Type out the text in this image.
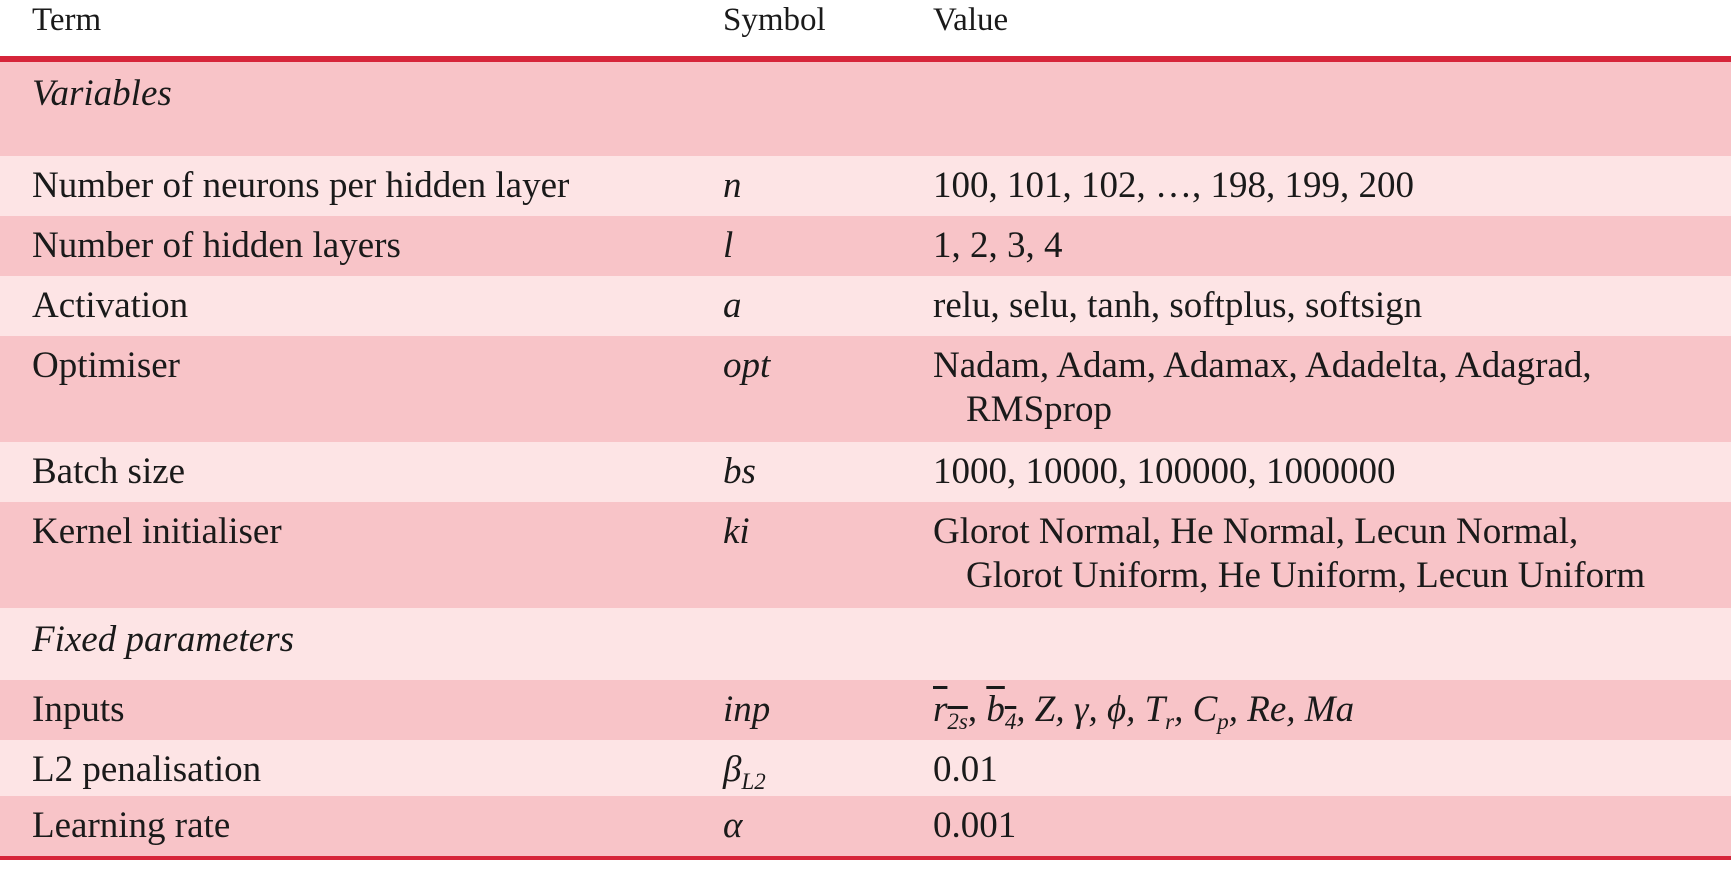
Term	Symbol	Value
Variables
Number of neurons per hidden layer	n	100, 101, 102, …, 198, 199, 200
Number of hidden layers	l	1, 2, 3, 4
Activation	a	relu, selu, tanh, softplus, softsign
Optimiser	opt	Nadam, Adam, Adamax, Adadelta, Adagrad,
RMSprop
Batch size	bs	1000, 10000, 100000, 1000000
Kernel initialiser	ki	Glorot Normal, He Normal, Lecun Normal,
Glorot Uniform, He Uniform, Lecun Uniform
Fixed parameters
Inputs	inp	$r_{2s}$, $b_4$, Z, γ, ϕ, $T_r$, $C_p$, Re, Ma
L2 penalisation	$\beta_{L2}$	0.01
Learning rate	α	0.001
